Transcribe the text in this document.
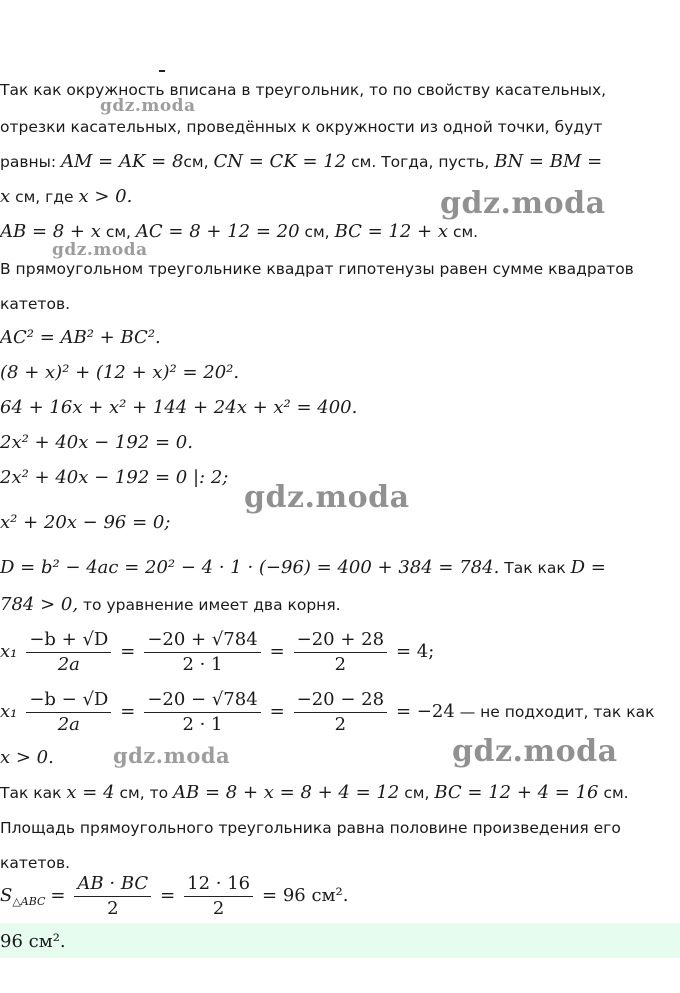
Так как окружность вписана в треугольник, то по свойству касательных,
отрезки касательных, проведённых к окружности из одной точки, будут
равны: AM = AK = 8см, CN = CK = 12 см. Тогда, пусть, BN = BM =
x см, где x > 0.
AB = 8 + x см, AC = 8 + 12 = 20 см, BC = 12 + x см.
В прямоугольном треугольнике квадрат гипотенузы равен сумме квадратов
катетов.
AC² = AB² + BC².
(8 + x)² + (12 + x)² = 20².
64 + 16x + x² + 144 + 24x + x² = 400.
2x² + 40x − 192 = 0.
2x² + 40x − 192 = 0 |: 2;
x² + 20x − 96 = 0;
D = b² − 4ac = 20² − 4 · 1 · (−96) = 400 + 384 = 784. Так как D =
784 > 0, то уравнение имеет два корня.
$x_1 \frac{-b + √D}{2a} = \frac{-20 + √784}{2 \cdot 1} = \frac{-20 + 28}{2} = 4$;
$x_1 \frac{-b - √D}{2a} = \frac{-20 - √784}{2 \cdot 1} = \frac{-20 - 28}{2} = -24$ — не подходит, так как
x > 0.
Так как x = 4 см, то AB = 8 + x = 8 + 4 = 12 см, BC = 12 + 4 = 16 см.
Площадь прямоугольного треугольника равна половине произведения его
катетов.
$S_{\triangle ABC} = \frac{AB \cdot BC}{2} = \frac{12 \cdot 16}{2} = 96$ см².
96 см².
gdz.moda
gdz.moda
gdz.moda
gdz.moda
gdz.moda	gdz.moda
